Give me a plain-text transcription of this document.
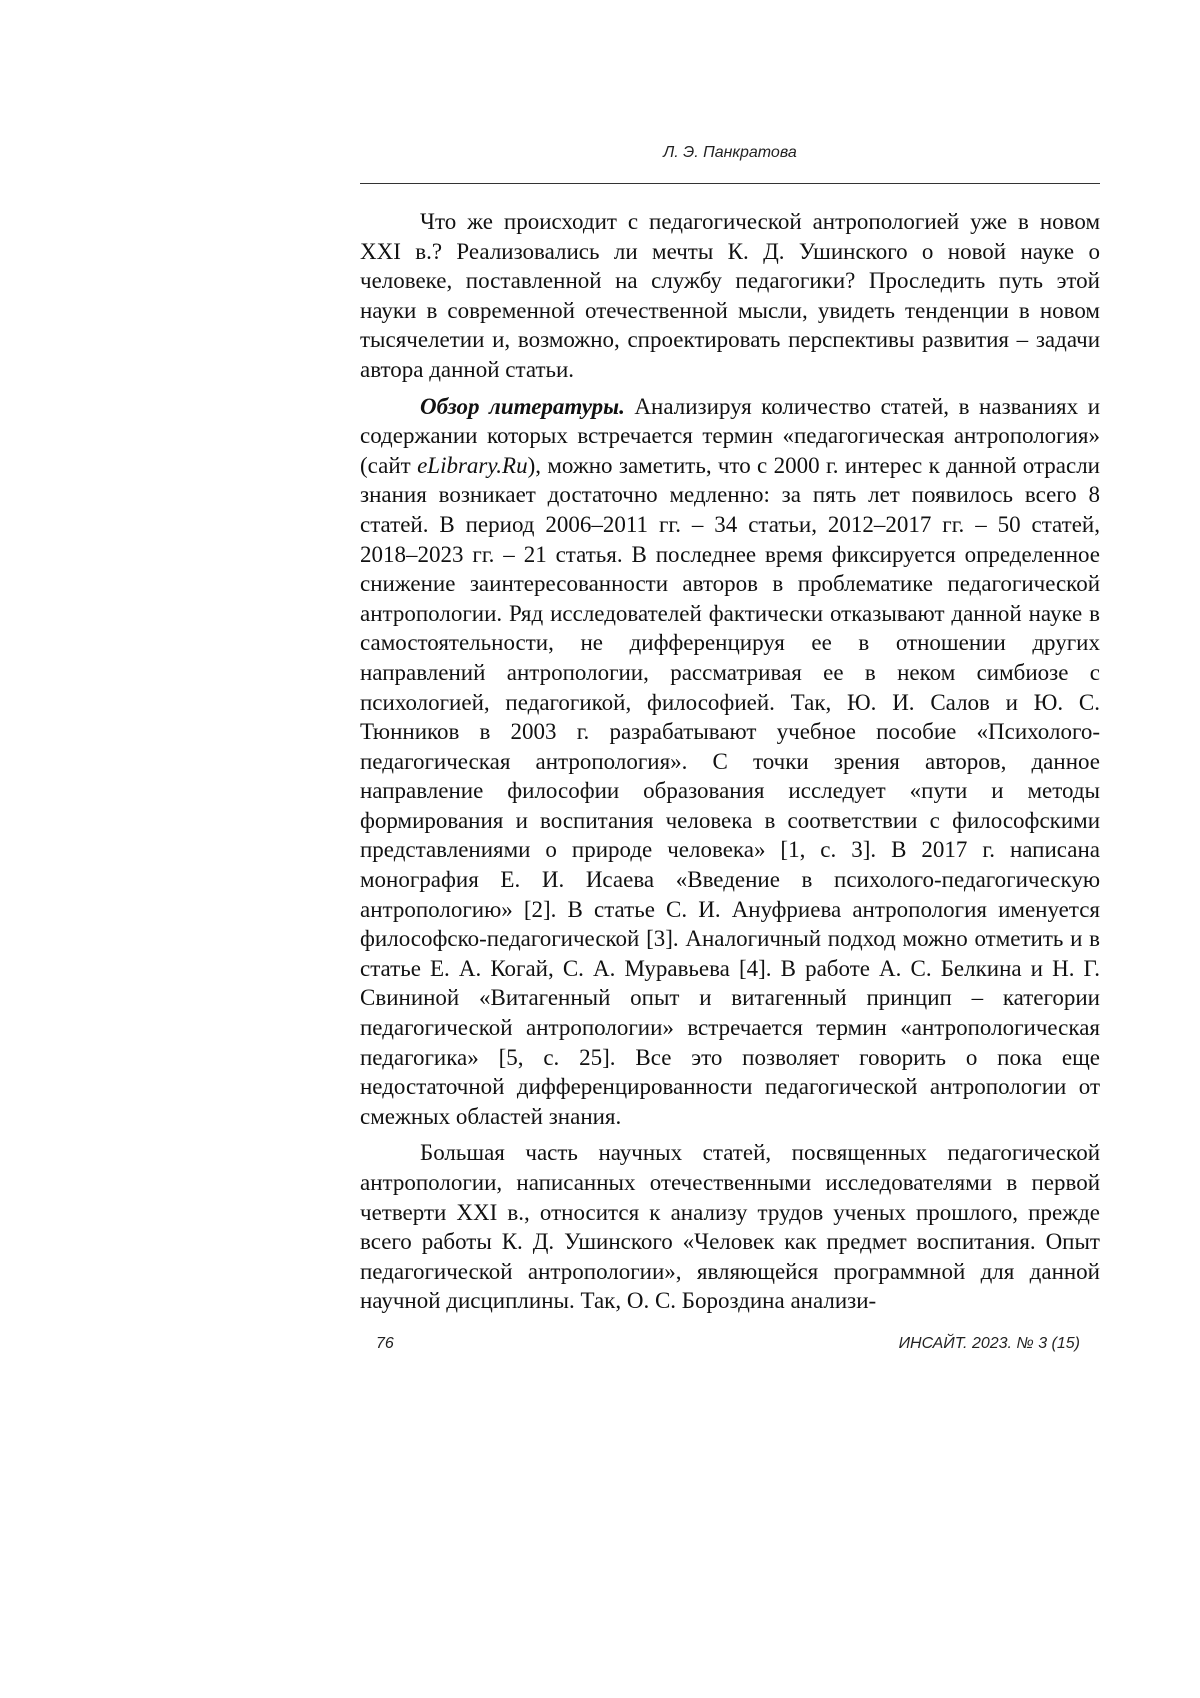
Л. Э. Панкратова

Что же происходит с педагогической антропологией уже в новом XXI в.? Реализовались ли мечты К. Д. Ушинского о новой науке о человеке, поставленной на службу педагогики? Проследить путь этой науки в современной отечественной мысли, увидеть тенденции в новом тысячелетии и, возможно, спроектировать перспективы развития – задачи автора данной статьи.

Обзор литературы. Анализируя количество статей, в названиях и содержании которых встречается термин «педагогическая антропология» (сайт eLibrary.Ru), можно заметить, что с 2000 г. интерес к данной отрасли знания возникает достаточно медленно: за пять лет появилось всего 8 статей. В период 2006–2011 гг. – 34 статьи, 2012–2017 гг. – 50 статей, 2018–2023 гг. – 21 статья. В последнее время фиксируется определенное снижение заинтересованности авторов в проблематике педагогической антропологии. Ряд исследователей фактически отказывают данной науке в самостоятельности, не дифференцируя ее в отношении других направлений антропологии, рассматривая ее в неком симбиозе с психологией, педагогикой, философией. Так, Ю. И. Салов и Ю. С. Тюнников в 2003 г. разрабатывают учебное пособие «Психолого-педагогическая антропология». С точки зрения авторов, данное направление философии образования исследует «пути и методы формирования и воспитания человека в соответствии с философскими представлениями о природе человека» [1, с. 3]. В 2017 г. написана монография Е. И. Исаева «Введение в психолого-педагогическую антропологию» [2]. В статье С. И. Ануфриева антропология именуется философско-педагогической [3]. Аналогичный подход можно отметить и в статье Е. А. Когай, С. А. Муравьева [4]. В работе А. С. Белкина и Н. Г. Свининой «Витагенный опыт и витагенный принцип – категории педагогической антропологии» встречается термин «антропологическая педагогика» [5, с. 25]. Все это позволяет говорить о пока еще недостаточной дифференцированности педагогической антропологии от смежных областей знания.

Большая часть научных статей, посвященных педагогической антропологии, написанных отечественными исследователями в первой четверти XXI в., относится к анализу трудов ученых прошлого, прежде всего работы К. Д. Ушинского «Человек как предмет воспитания. Опыт педагогической антропологии», являющейся программной для данной научной дисциплины. Так, О. С. Бороздина анализи-

76	ИНСАЙТ. 2023. № 3 (15)
